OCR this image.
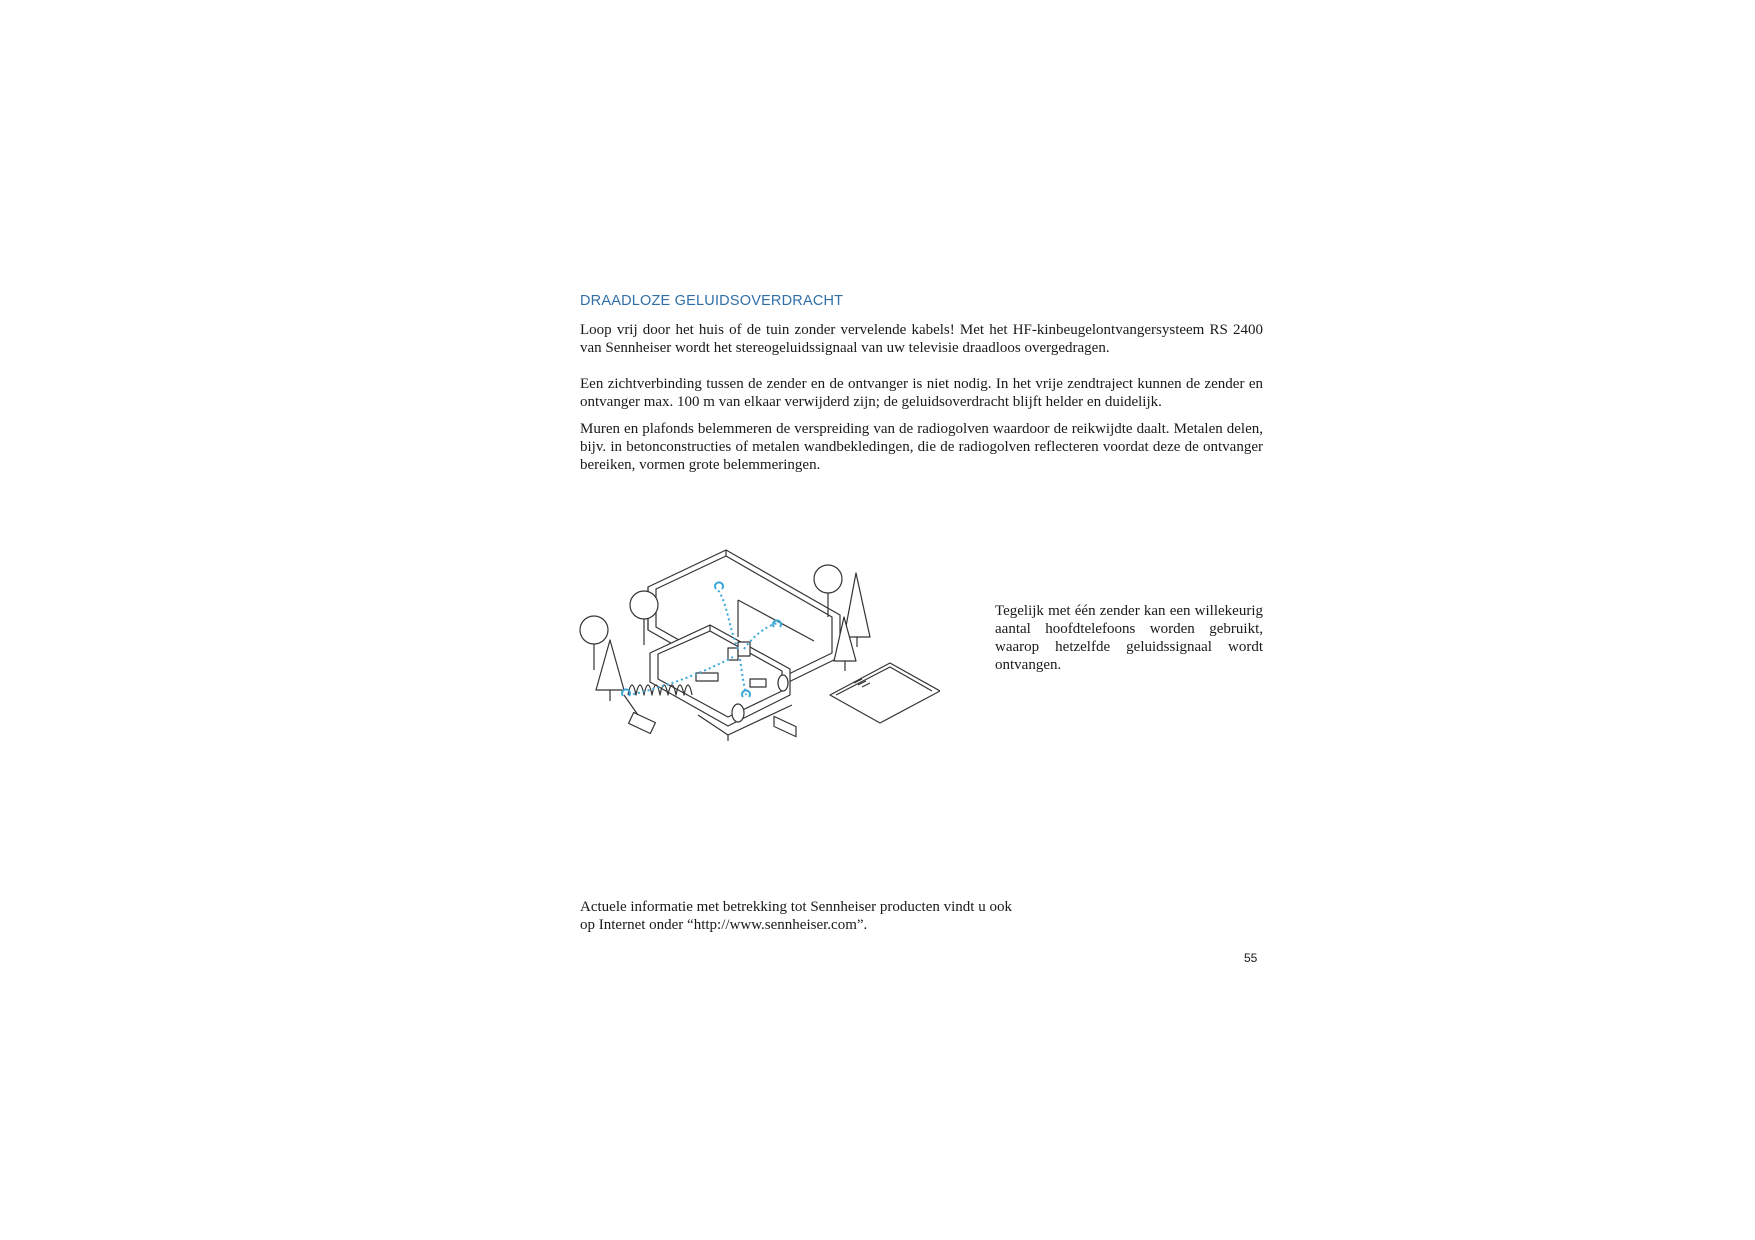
DRAADLOZE GELUIDSOVERDRACHT
Loop vrij door het huis of de tuin zonder vervelende kabels! Met het HF-kinbeugelontvangersysteem RS 2400 van Sennheiser wordt het stereogeluidssignaal van uw televisie draadloos overgedragen.
Een zichtverbinding tussen de zender en de ontvanger is niet nodig. In het vrije zendtraject kunnen de zender en ontvanger max. 100 m van elkaar verwijderd zijn; de geluidsoverdracht blijft helder en duidelijk.
Muren en plafonds belemmeren de verspreiding van de radiogolven waardoor de reikwijdte daalt. Metalen delen, bijv. in betonconstructies of metalen wandbekledingen, die de radiogolven reflecteren voordat deze de ontvanger bereiken, vormen grote belemmeringen.
Tegelijk met één zender kan een willekeurig aantal hoofdtelefoons worden gebruikt, waarop hetzelfde geluidssignaal wordt ontvangen.
Actuele informatie met betrekking tot Sennheiser producten vindt u ook op Internet onder “http://www.sennheiser.com”.
55
